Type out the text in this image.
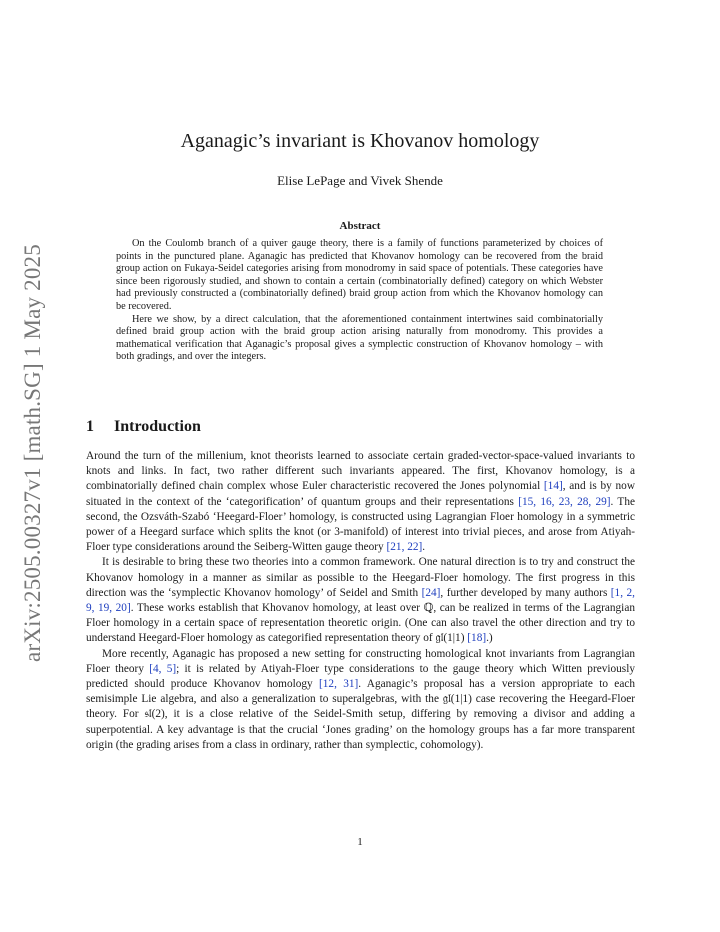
arXiv:2505.00327v1 [math.SG] 1 May 2025
Aganagic’s invariant is Khovanov homology
Elise LePage and Vivek Shende
Abstract

On the Coulomb branch of a quiver gauge theory, there is a family of functions parameterized by choices of points in the punctured plane. Aganagic has predicted that Khovanov homology can be recovered from the braid group action on Fukaya-Seidel categories arising from monodromy in said space of potentials. These categories have since been rigorously studied, and shown to contain a certain (combinatorially defined) category on which Webster had previously constructed a (combinatorially defined) braid group action from which the Khovanov homology can be recovered.

Here we show, by a direct calculation, that the aforementioned containment intertwines said combinatorially defined braid group action with the braid group action arising naturally from monodromy. This provides a mathematical verification that Aganagic’s proposal gives a symplectic construction of Khovanov homology – with both gradings, and over the integers.

1 Introduction

Around the turn of the millenium, knot theorists learned to associate certain graded-vector-space-valued invariants to knots and links. In fact, two rather different such invariants appeared. The first, Khovanov homology, is a combinatorially defined chain complex whose Euler characteristic recovered the Jones polynomial [14], and is by now situated in the context of the ‘categorification’ of quantum groups and their representations [15, 16, 23, 28, 29]. The second, the Ozsváth-Szabó ‘Heegard-Floer’ homology, is constructed using Lagrangian Floer homology in a symmetric power of a Heegard surface which splits the knot (or 3-manifold) of interest into trivial pieces, and arose from Atiyah-Floer type considerations around the Seiberg-Witten gauge theory [21, 22].

It is desirable to bring these two theories into a common framework. One natural direction is to try and construct the Khovanov homology in a manner as similar as possible to the Heegard-Floer homology. The first progress in this direction was the ‘symplectic Khovanov homology’ of Seidel and Smith [24], further developed by many authors [1, 2, 9, 19, 20]. These works establish that Khovanov homology, at least over ℚ, can be realized in terms of the Lagrangian Floer homology in a certain space of representation theoretic origin. (One can also travel the other direction and try to understand Heegard-Floer homology as categorified representation theory of 𝔤𝔩(1|1) [18].)

More recently, Aganagic has proposed a new setting for constructing homological knot invariants from Lagrangian Floer theory [4, 5]; it is related by Atiyah-Floer type considerations to the gauge theory which Witten previously predicted should produce Khovanov homology [12, 31]. Aganagic’s proposal has a version appropriate to each semisimple Lie algebra, and also a generalization to superalgebras, with the 𝔤𝔩(1|1) case recovering the Heegard-Floer theory. For 𝔰𝔩(2), it is a close relative of the Seidel-Smith setup, differing by removing a divisor and adding a superpotential. A key advantage is that the crucial ‘Jones grading’ on the homology groups has a far more transparent origin (the grading arises from a class in ordinary, rather than symplectic, cohomology).

1
